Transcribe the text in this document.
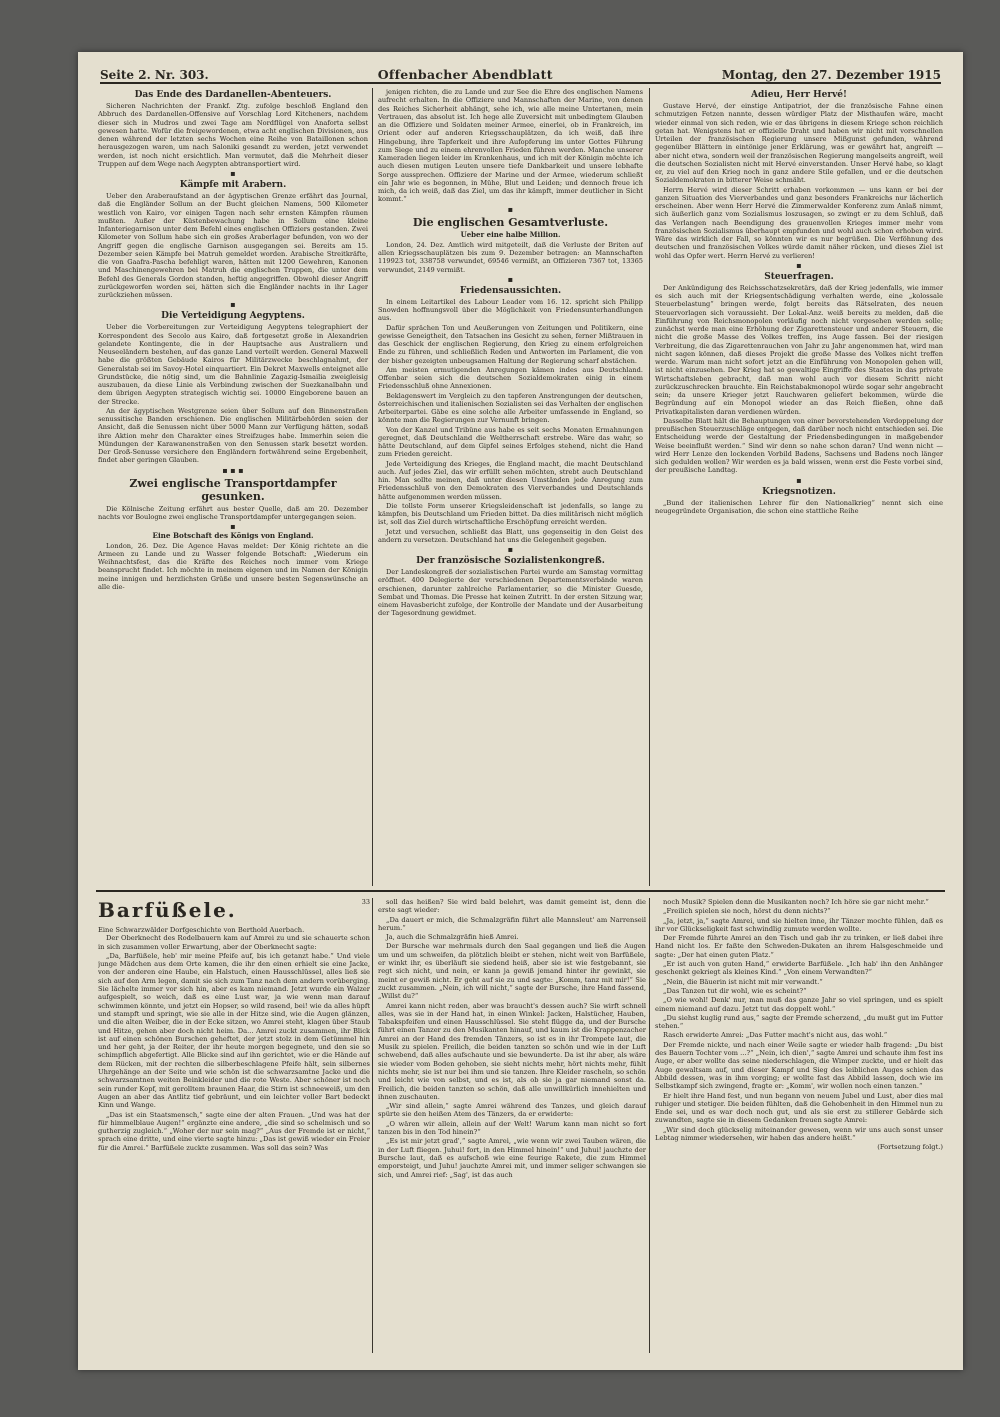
Seite 2. Nr. 303.	Offenbacher Abendblatt	Montag, den 27. Dezember 1915
Das Ende des Dardanellen-Abenteuers.

Sicheren Nachrichten der Frankf. Ztg. zufolge beschloß England den Abbruch des Dardanellen-Offensive auf Vorschlag Lord Kitcheners, nachdem dieser sich in Mudros und zwei Tage am Nordflügel von Anaforta selbst gewesen hatte. Wofür die freigewordenen, etwa acht englischen Divisionen, aus denen während der letzten sechs Wochen eine Reihe von Bataillonen schon herausgezogen waren, um nach Saloniki gesandt zu werden, jetzt verwendet werden, ist noch nicht ersichtlich. Man vermutet, daß die Mehrheit dieser Truppen auf dem Wege nach Aegypten abtransportiert wird.

▪
Kämpfe mit Arabern.

Ueber den Araberaufstand an der ägyptischen Grenze erfährt das Journal, daß die Engländer Sollum an der Bucht gleichen Namens, 500 Kilometer westlich von Kairo, vor einigen Tagen nach sehr ernsten Kämpfen räumen mußten. Außer der Küstenbewachung habe in Sollum eine kleine Infanteriegarnison unter dem Befehl eines englischen Offiziers gestanden. Zwei Kilometer von Sollum habe sich ein großes Araberlager befunden, von wo der Angriff gegen die englische Garnison ausgegangen sei. Bereits am 15. Dezember seien Kämpfe bei Matruh gemeldet worden. Arabische Streitkräfte, die von Gaafra-Pascha befehligt waren, hätten mit 1200 Gewehren, Kanonen und Maschinengewehren bei Matruh die englischen Truppen, die unter dem Befehl des Generals Gordon standen, heftig angegriffen. Obwohl dieser Angriff zurückgeworfen worden sei, hätten sich die Engländer nachts in ihr Lager zurückziehen müssen.

▪
Die Verteidigung Aegyptens.

Ueber die Vorbereitungen zur Verteidigung Aegyptens telegraphiert der Korrespondent des Secolo aus Kairo, daß fortgesetzt große in Alexandrien gelandete Kontingente, die in der Hauptsache aus Australiern und Neuseeländern bestehen, auf das ganze Land verteilt werden. General Maxwell habe die größten Gebäude Kairos für Militärzwecke beschlagnahmt, der Generalstab sei im Savoy-Hotel einquartiert. Ein Dekret Maxwells enteignet alle Grundstücke, die nötig sind, um die Bahnlinie Zagazig-Ismailia zweigleisig auszubauen, da diese Linie als Verbindung zwischen der Suezkanalbahn und dem übrigen Aegypten strategisch wichtig sei. 10000 Eingeborene bauen an der Strecke.

An der ägyptischen Westgrenze seien über Sollum auf den Binnenstraßen senussitische Banden erschienen. Die englischen Militärbehörden seien der Ansicht, daß die Senussen nicht über 5000 Mann zur Verfügung hätten, sodaß ihre Aktion mehr den Charakter eines Streifzuges habe. Immerhin seien die Mündungen der Karawanenstraßen von den Senussen stark besetzt worden. Der Groß-Senusse versichere den Engländern fortwährend seine Ergebenheit, findet aber geringen Glauben.

▪ ▪ ▪
Zwei englische Transportdampfer gesunken.

Die Kölnische Zeitung erfährt aus bester Quelle, daß am 20. Dezember nachts vor Boulogne zwei englische Transportdampfer untergegangen seien.

▪
Eine Botschaft des Königs von England.

London, 26. Dez. Die Agence Havas meldet: Der König richtete an die Armeen zu Lande und zu Wasser folgende Botschaft: „Wiederum ein Weihnachtsfest, das die Kräfte des Reiches noch immer vom Kriege beansprucht findet. Ich möchte in meinem eigenen und im Namen der Königin meine innigen und herzlichsten Grüße und unsere besten Segenswünsche an alle die-

jenigen richten, die zu Lande und zur See die Ehre des englischen Namens aufrecht erhalten. In die Offiziere und Mannschaften der Marine, von denen des Reiches Sicherheit abhängt, sehe ich, wie alle meine Untertanen, mein Vertrauen, das absolut ist. Ich hege alle Zuversicht mit unbedingtem Glauben an die Offiziere und Soldaten meiner Armee, einerlei, ob in Frankreich, im Orient oder auf anderen Kriegsschauplätzen, da ich weiß, daß ihre Hingebung, ihre Tapferkeit und ihre Aufopferung im unter Gottes Führung zum Siege und zu einem ehrenvollen Frieden führen werden. Manche unserer Kameraden liegen leider im Krankenhaus, und ich mit der Königin möchte ich auch diesen mutigen Leuten unsere tiefe Dankbarkeit und unsere lebhafte Sorge aussprechen. Offiziere der Marine und der Armee, wiederum schließt ein Jahr wie es begonnen, in Mühe, Blut und Leiden; und dennoch freue ich mich, da ich weiß, daß das Ziel, um das ihr kämpft, immer deutlicher in Sicht kommt.“

▪
Die englischen Gesamtverluste.
Ueber eine halbe Million.

London, 24. Dez. Amtlich wird mitgeteilt, daß die Verluste der Briten auf allen Kriegsschauplätzen bis zum 9. Dezember betragen: an Mannschaften 119923 tot, 338758 verwundet, 69546 vermißt, an Offizieren 7367 tot, 13365 verwundet, 2149 vermißt.

▪
Friedensaussichten.

In einem Leitartikel des Labour Leader vom 16. 12. spricht sich Philipp Snowden hoffnungsvoll über die Möglichkeit von Friedensunterhandlungen aus.

Dafür sprächen Ton und Aeußerungen von Zeitungen und Politikern, eine gewisse Geneigtheit, den Tatsachen ins Gesicht zu sehen, ferner Mißtrauen in das Geschick der englischen Regierung, den Krieg zu einem erfolgreichen Ende zu führen, und schließlich Reden und Antworten im Parlament, die von der bisher gezeigten unbeugsamen Haltung der Regierung scharf abstächen.

Am meisten ermutigenden Anregungen kämen indes aus Deutschland. Offenbar seien sich die deutschen Sozialdemokraten einig in einem Friedensschluß ohne Annexionen.

Beklagenswert im Vergleich zu den tapferen Anstrengungen der deutschen, österreichischen und italienischen Sozialisten sei das Verhalten der englischen Arbeiterpartei. Gäbe es eine solche alle Arbeiter umfassende in England, so könnte man die Regierungen zur Vernunft bringen.

Von der Kanzel und Tribüne aus habe es seit sechs Monaten Ermahnungen geregnet, daß Deutschland die Weltherrschaft erstrebe. Wäre das wahr, so hätte Deutschland, auf dem Gipfel seines Erfolges stehend, nicht die Hand zum Frieden gereicht.

Jede Verteidigung des Krieges, die England macht, die macht Deutschland auch. Auf jedes Ziel, das wir erfüllt sehen möchten, strebt auch Deutschland hin. Man sollte meinen, daß unter diesen Umständen jede Anregung zum Friedensschluß von den Demokraten des Vierverbandes und Deutschlands hätte aufgenommen werden müssen.

Die tollste Form unserer Kriegsleidenschaft ist jedenfalls, so lange zu kämpfen, bis Deutschland um Frieden bittet. Da dies militärisch nicht möglich ist, soll das Ziel durch wirtschaftliche Erschöpfung erreicht werden.

Jetzt und versuchen, schließt das Blatt, uns gegenseitig in den Geist des andern zu versetzen. Deutschland hat uns die Gelegenheit gegeben.

▪
Der französische Sozialistenkongreß.

Der Landeskongreß der sozialistischen Partei wurde am Samstag vormittag eröffnet. 400 Delegierte der verschiedenen Departementsverbände waren erschienen, darunter zahlreiche Parlamentarier, so die Minister Guesde, Sembat und Thomas. Die Presse hat keinen Zutritt. In der ersten Sitzung war, einem Havasbericht zufolge, der Kontrolle der Mandate und der Ausarbeitung der Tagesordnung gewidmet.

Adieu, Herr Hervé!

Gustave Hervé, der einstige Antipatriot, der die französische Fahne einen schmutzigen Fetzen nannte, dessen würdiger Platz der Misthaufen wäre, macht wieder einmal von sich reden, wie er das übrigens in diesem Kriege schon reichlich getan hat. Wenigstens hat er offizielle Draht und haben wir nicht mit vorschnellen Urteilen der französischen Regierung unsere Mißgunst gefunden, während gegenüber Blättern in eintönige jener Erklärung, was er gewährt hat, angreift — aber nicht etwa, sondern weil der französischen Regierung mangelseits angreift, weil die deutschen Sozialisten nicht mit Hervé einverstanden. Unser Hervé habe, so klagt er, zu viel auf den Krieg noch in ganz andere Stile gefallen, und er die deutschen Sozialdemokraten in bitterer Weise schmäht.

Herrn Hervé wird dieser Schritt erhaben vorkommen — uns kann er bei der ganzen Situation des Vierverbandes und ganz besonders Frankreichs nur lächerlich erscheinen. Aber wenn Herr Hervé die Zimmerwalder Konferenz zum Anlaß nimmt, sich äußerlich ganz vom Sozialismus loszusagen, so zwingt er zu dem Schluß, daß das Verlangen nach Beendigung des grauenvollen Krieges immer mehr vom französischen Sozialismus überhaupt empfunden und wohl auch schon erhoben wird. Wäre das wirklich der Fall, so könnten wir es nur begrüßen. Die Verföhnung des deutschen und französischen Volkes würde damit näher rücken, und dieses Ziel ist wohl das Opfer wert. Herrn Hervé zu verlieren!

▪
Steuerfragen.

Der Ankündigung des Reichsschatzsekretärs, daß der Krieg jedenfalls, wie immer es sich auch mit der Kriegsentschädigung verhalten werde, eine „kolossale Steuerbelastung“ bringen werde, folgt bereits das Rätselraten, des neuen Steuervorlagen sich voraussieht. Der Lokal-Anz. weiß bereits zu melden, daß die Einführung von Reichsmonopolen vorläufig noch nicht vorgesehen werden solle; zunächst werde man eine Erhöhung der Zigarettensteuer und anderer Steuern, die nicht die große Masse des Volkes treffen, ins Auge fassen. Bei der riesigen Verbreitung, die das Zigarettenrauchen von Jahr zu Jahr angenommen hat, wird man nicht sagen können, daß dieses Projekt die große Masse des Volkes nicht treffen werde. Warum man nicht sofort jetzt an die Einführung von Monopolen gehen will, ist nicht einzusehen. Der Krieg hat so gewaltige Eingriffe des Staates in das private Wirtschaftsleben gebracht, daß man wohl auch vor diesem Schritt nicht zurückzuschrecken brauchte. Ein Reichstabakmonopol würde sogar sehr angebracht sein; da unsere Krieger jetzt Rauchwaren geliefert bekommen, würde die Begründung auf ein Monopol wieder an das Reich fließen, ohne daß Privatkapitalisten daran verdienen würden.

Dasselbe Blatt hält die Behauptungen von einer bevorstehenden Verdoppelung der preußischen Steuerzuschläge entgegen, daß darüber noch nicht entschieden sei. Die Entscheidung werde der Gestaltung der Friedensbedingungen in maßgebender Weise beeinflußt werden.“ Sind wir denn so nahe schon daran? Und wenn nicht — wird Herr Lenze den lockenden Vorbild Badens, Sachsens und Badens noch länger sich gedulden wollen? Wir werden es ja bald wissen, wenn erst die Feste vorbei sind, der preußische Landtag.

▪
Kriegsnotizen.

„Bund der italienischen Lehrer für den Nationalkrieg“ nennt sich eine neugegründete Organisation, die schon eine stattliche Reihe

Barfüßele.	33
Eine Schwarzwälder Dorfgeschichte von Berthold Auerbach.

Der Oberknecht des Rodelbauern kam auf Amrei zu und sie schauerte schon in sich zusammen voller Erwartung, aber der Oberknecht sagte:

„Da, Barfüßele, heb' mir meine Pfeife auf, bis ich getanzt habe.“ Und viele junge Mädchen aus dem Orte kamen, die ihr den einen erhielt sie eine Jacke, von der anderen eine Haube, ein Halstuch, einen Hausschlüssel, alles ließ sie sich auf den Arm legen, damit sie sich zum Tanz nach dem andern vorüberging. Sie lächelte immer vor sich hin, aber es kam niemand. Jetzt wurde ein Walzer aufgespielt, so weich, daß es eine Lust war, ja wie wenn man darauf schwimmen könnte, und jetzt ein Hopser, so wild rasend, bei! wie da alles hüpft und stampft und springt, wie sie alle in der Hitze sind, wie die Augen glänzen, und die alten Weiber, die in der Ecke sitzen, wo Amrei steht, klagen über Staub und Hitze, gehen aber doch nicht heim. Da... Amrei zuckt zusammen, ihr Blick ist auf einen schönen Burschen geheftet, der jetzt stolz in dem Getümmel hin und her geht, ja der Reiter, der ihr heute morgen begegnete, und den sie so schimpflich abgefertigt. Alle Blicke sind auf ihn gerichtet, wie er die Hände auf dem Rücken, mit der rechten die silberbeschlagene Pfeife hält, sein silbernes Uhrgehänge an der Seite und wie schön ist die schwarzsamtne Jacke und die schwarzsamtnen weiten Beinkleider und die rote Weste. Aber schöner ist noch sein runder Kopf, mit gerolltem braunen Haar, die Stirn ist schneeweiß, um den Augen an aber das Antlitz tief gebräunt, und ein leichter voller Bart bedeckt Kinn und Wange.

„Das ist ein Staatsmensch,“ sagte eine der alten Frauen. „Und was hat der für himmelblaue Augen!“ ergänzte eine andere, „die sind so schelmisch und so gutherzig zugleich.“ „Woher der nur sein mag?“ „Aus der Fremde ist er nicht,“ sprach eine dritte, und eine vierte sagte hinzu: „Das ist gewiß wieder ein Freier für die Amrei.“ Barfüßele zuckte zusammen. Was soll das sein? Was

soll das heißen? Sie wird bald belehrt, was damit gemeint ist, denn die erste sagt wieder:

„Da dauert er mich, die Schmalzgräfin führt alle Mannsleut' am Narrenseil herum.“

Ja, auch die Schmalzgräfin hieß Amrei.

Der Bursche war mehrmals durch den Saal gegangen und ließ die Augen um und um schweifen, da plötzlich bleibt er stehen, nicht weit von Barfüßele, er winkt ihr, es überläuft sie siedend heiß, aber sie ist wie festgebannt, sie regt sich nicht, und nein, er kann ja gewiß jemand hinter ihr gewinkt, sie meint er gewiß nicht. Er geht auf sie zu und sagte: „Komm, tanz mit mir!“ Sie zuckt zusammen. „Nein, ich will nicht,“ sagte der Bursche, ihre Hand fassend, „Willst du?“

Amrei kann nicht reden, aber was braucht's dessen auch? Sie wirft schnell alles, was sie in der Hand hat, in einen Winkel: Jacken, Halstücher, Hauben, Tabakspfeifen und einen Hausschlüssel. Sie steht flügge da, und der Bursche führt einen Tanzer zu den Musikanten hinauf, und kaum ist die Krappenzacher Amrei an der Hand des fremden Tänzers, so ist es in ihr Trompete laut, die Musik zu spielen. Freilich, die beiden tanzten so schön und wie in der Luft schwebend, daß alles aufschaute und sie bewunderte. Da ist ihr aber, als wäre sie wieder vom Boden gehoben, sie sieht nichts mehr, hört nichts mehr, fühlt nichts mehr, sie ist nur bei ihm und sie tanzen. Ihre Kleider rascheln, so schön und leicht wie von selbst, und es ist, als ob sie ja gar niemand sonst da. Freilich, die beiden tanzten so schön, daß alle unwillkürlich innehielten und ihnen zuschauten.

„Wir sind allein,“ sagte Amrei während des Tanzes, und gleich darauf spürte sie den heißen Atem des Tänzers, da er erwiderte:

„O wären wir allein, allein auf der Welt! Warum kann man nicht so fort tanzen bis in den Tod hinein?“

„Es ist mir jetzt grad',“ sagte Amrei, „wie wenn wir zwei Tauben wären, die in der Luft fliegen. Juhui! fort, in den Himmel hinein!“ und Juhui! jauchzte der Bursche laut, daß es aufschoß wie eine feurige Rakete, die zum Himmel emporsteigt, und Juhu! jauchzte Amrei mit, und immer seliger schwangen sie sich, und Amrei rief: „Sag', ist das auch

noch Musik? Spielen denn die Musikanten noch? Ich höre sie gar nicht mehr.“

„Freilich spielen sie noch, hörst du denn nichts?“

„Ja, jetzt, ja,“ sagte Amrei, und sie hielten inne, ihr Tänzer mochte fühlen, daß es ihr vor Glückseligkeit fast schwindlig zumute werden wollte.

Der Fremde führte Amrei an den Tisch und gab ihr zu trinken, er ließ dabei ihre Hand nicht los. Er faßte den Schweden-Dukaten an ihrem Halsgeschmeide und sagte: „Der hat einen guten Platz.“

„Er ist auch von guten Hand,“ erwiderte Barfüßele. „Ich hab' ihn den Anhänger geschenkt gekriegt als kleines Kind.“ „Von einem Verwandten?“

„Nein, die Bäuerin ist nicht mit mir verwandt.“

„Das Tanzen tut dir wohl, wie es scheint?“

„O wie wohl! Denk' nur, man muß das ganze Jahr so viel springen, und es spielt einem niemand auf dazu. Jetzt tut das doppelt wohl.“

„Du siehst kuglig rund aus,“ sagte der Fremde scherzend, „du mußt gut im Futter stehen.“

Rasch erwiderte Amrei: „Das Futter macht's nicht aus, das wohl.“

Der Fremde nickte, und nach einer Weile sagte er wieder halb fragend: „Du bist des Bauern Tochter vom ...?“ „Nein, ich dien',“ sagte Amrei und schaute ihm fest ins Auge, er aber wollte das seine niederschlagen, die Wimper zuckte, und er hielt das Auge gewaltsam auf, und dieser Kampf und Sieg des leiblichen Auges schien das Abbild dessen, was in ihm vorging; er wollte fast das Abbild lassen, doch wie im Selbstkampf sich zwingend, fragte er: „Komm', wir wollen noch einen tanzen.“

Er hielt ihre Hand fest, und nun begann von neuem Jubel und Lust, aber dies mal ruhiger und stetiger. Die beiden fühlten, daß die Gehobenheit in den Himmel nun zu Ende sei, und es war doch noch gut, und als sie erst zu stillerer Gebärde sich zuwandten, sagte sie in diesem Gedanken freuen sagte Amrei:

„Wir sind doch glückselig miteinander gewesen, wenn wir uns auch sonst unser Lebtag nimmer wiedersehen, wir haben das andere heißt.“

(Fortsetzung folgt.)
